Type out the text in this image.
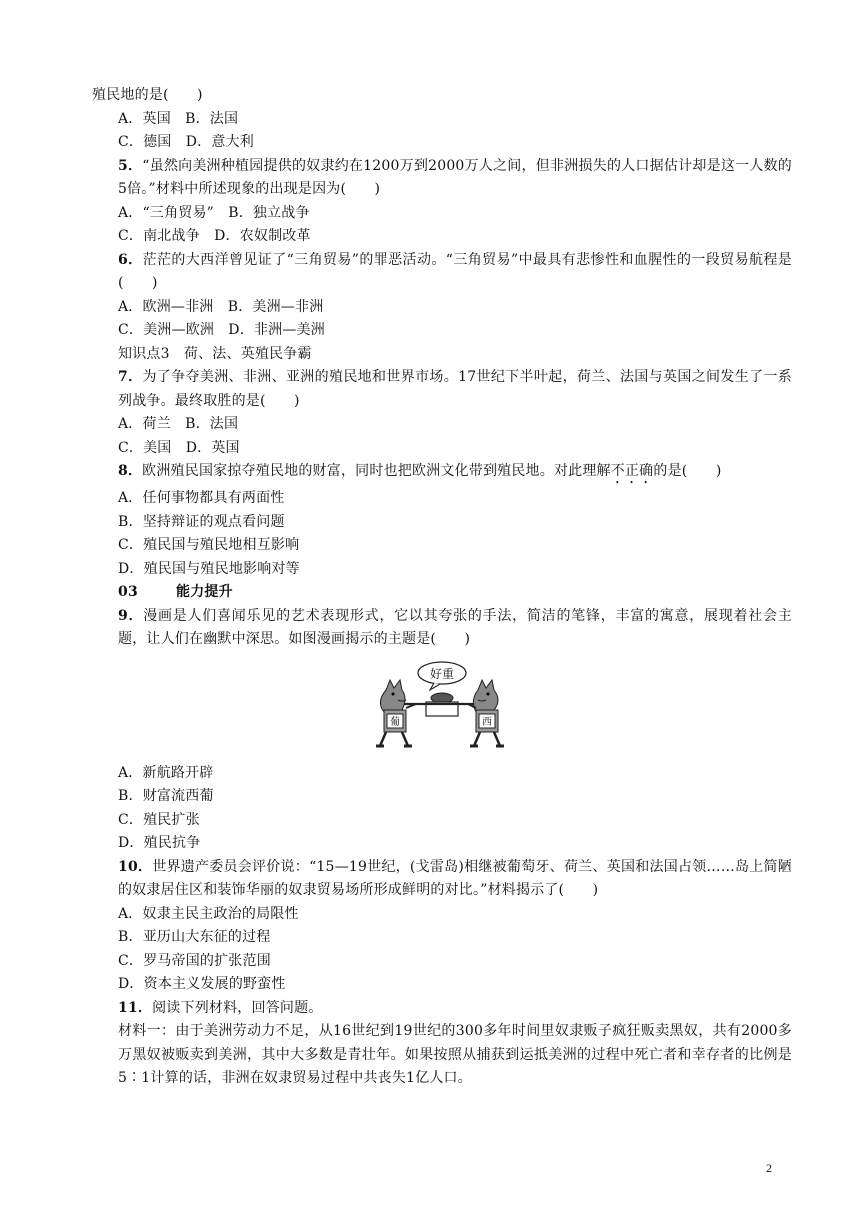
殖民地的是(　　)
A．英国　B．法国
C．德国　D．意大利
5．“虽然向美洲种植园提供的奴隶约在1200万到2000万人之间，但非洲损失的人口据估计却是这一人数的5倍。”材料中所述现象的出现是因为(　　)
A．“三角贸易”　B．独立战争
C．南北战争　D．农奴制改革
6．茫茫的大西洋曾见证了“三角贸易”的罪恶活动。“三角贸易”中最具有悲惨性和血腥性的一段贸易航程是(　　)
A．欧洲—非洲　B．美洲—非洲
C．美洲—欧洲　D．非洲—美洲
知识点3　荷、法、英殖民争霸
7．为了争夺美洲、非洲、亚洲的殖民地和世界市场。17世纪下半叶起，荷兰、法国与英国之间发生了一系列战争。最终取胜的是(　　)
A．荷兰　B．法国
C．美国　D．英国
8．欧洲殖民国家掠夺殖民地的财富，同时也把欧洲文化带到殖民地。对此理解不正确的是(　　)
A．任何事物都具有两面性
B．坚持辩证的观点看问题
C．殖民国与殖民地相互影响
D．殖民国与殖民地影响对等
03	能力提升
9．漫画是人们喜闻乐见的艺术表现形式，它以其夸张的手法，简洁的笔锋，丰富的寓意，展现着社会主题，让人们在幽默中深思。如图漫画揭示的主题是(　　)
好重
葡	西
A．新航路开辟
B．财富流西葡
C．殖民扩张
D．殖民抗争
10．世界遗产委员会评价说：“15—19世纪，(戈雷岛)相继被葡萄牙、荷兰、英国和法国占领……岛上简陋的奴隶居住区和装饰华丽的奴隶贸易场所形成鲜明的对比。”材料揭示了(　　)
A．奴隶主民主政治的局限性
B．亚历山大东征的过程
C．罗马帝国的扩张范围
D．资本主义发展的野蛮性
11．阅读下列材料，回答问题。
材料一：由于美洲劳动力不足，从16世纪到19世纪的300多年时间里奴隶贩子疯狂贩卖黑奴，共有2000多万黑奴被贩卖到美洲，其中大多数是青壮年。如果按照从捕获到运抵美洲的过程中死亡者和幸存者的比例是5∶1计算的话，非洲在奴隶贸易过程中共丧失1亿人口。
2
